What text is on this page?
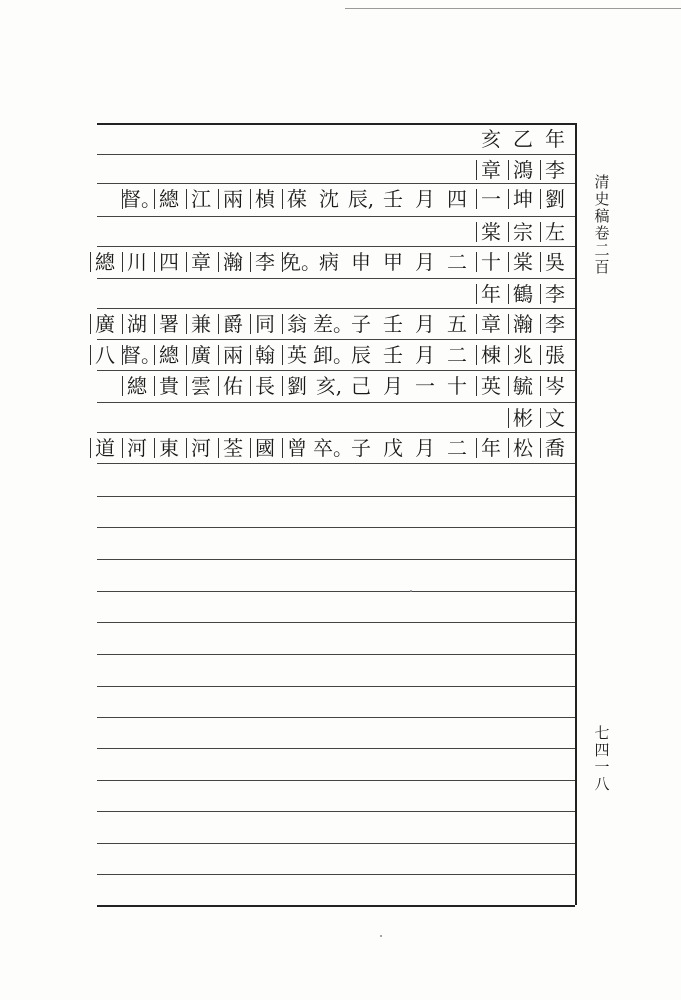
年
乙
亥
李
鴻
章
劉
坤
一
四
月
壬
辰,
沈
葆
楨
兩
江
總
督。
左
宗
棠
吳
棠
十
二
月
甲
申
病
免。
李
瀚
章
四
川
總
李
鶴
年
李
瀚
章
五
月
壬
子
差。
翁
同
爵
兼
署
湖
廣
張
兆
棟
二
月
壬
辰
卸。
英
翰
兩
廣
總
督。
八
岑
毓
英
十
一
月
己
亥,
劉
長
佑
雲
貴
總
文
彬
喬
松
年
二
月
戊
子
卒。
曾
國
荃
河
東
河
道
清
史
稿
卷
二
百
七
四
一
八
